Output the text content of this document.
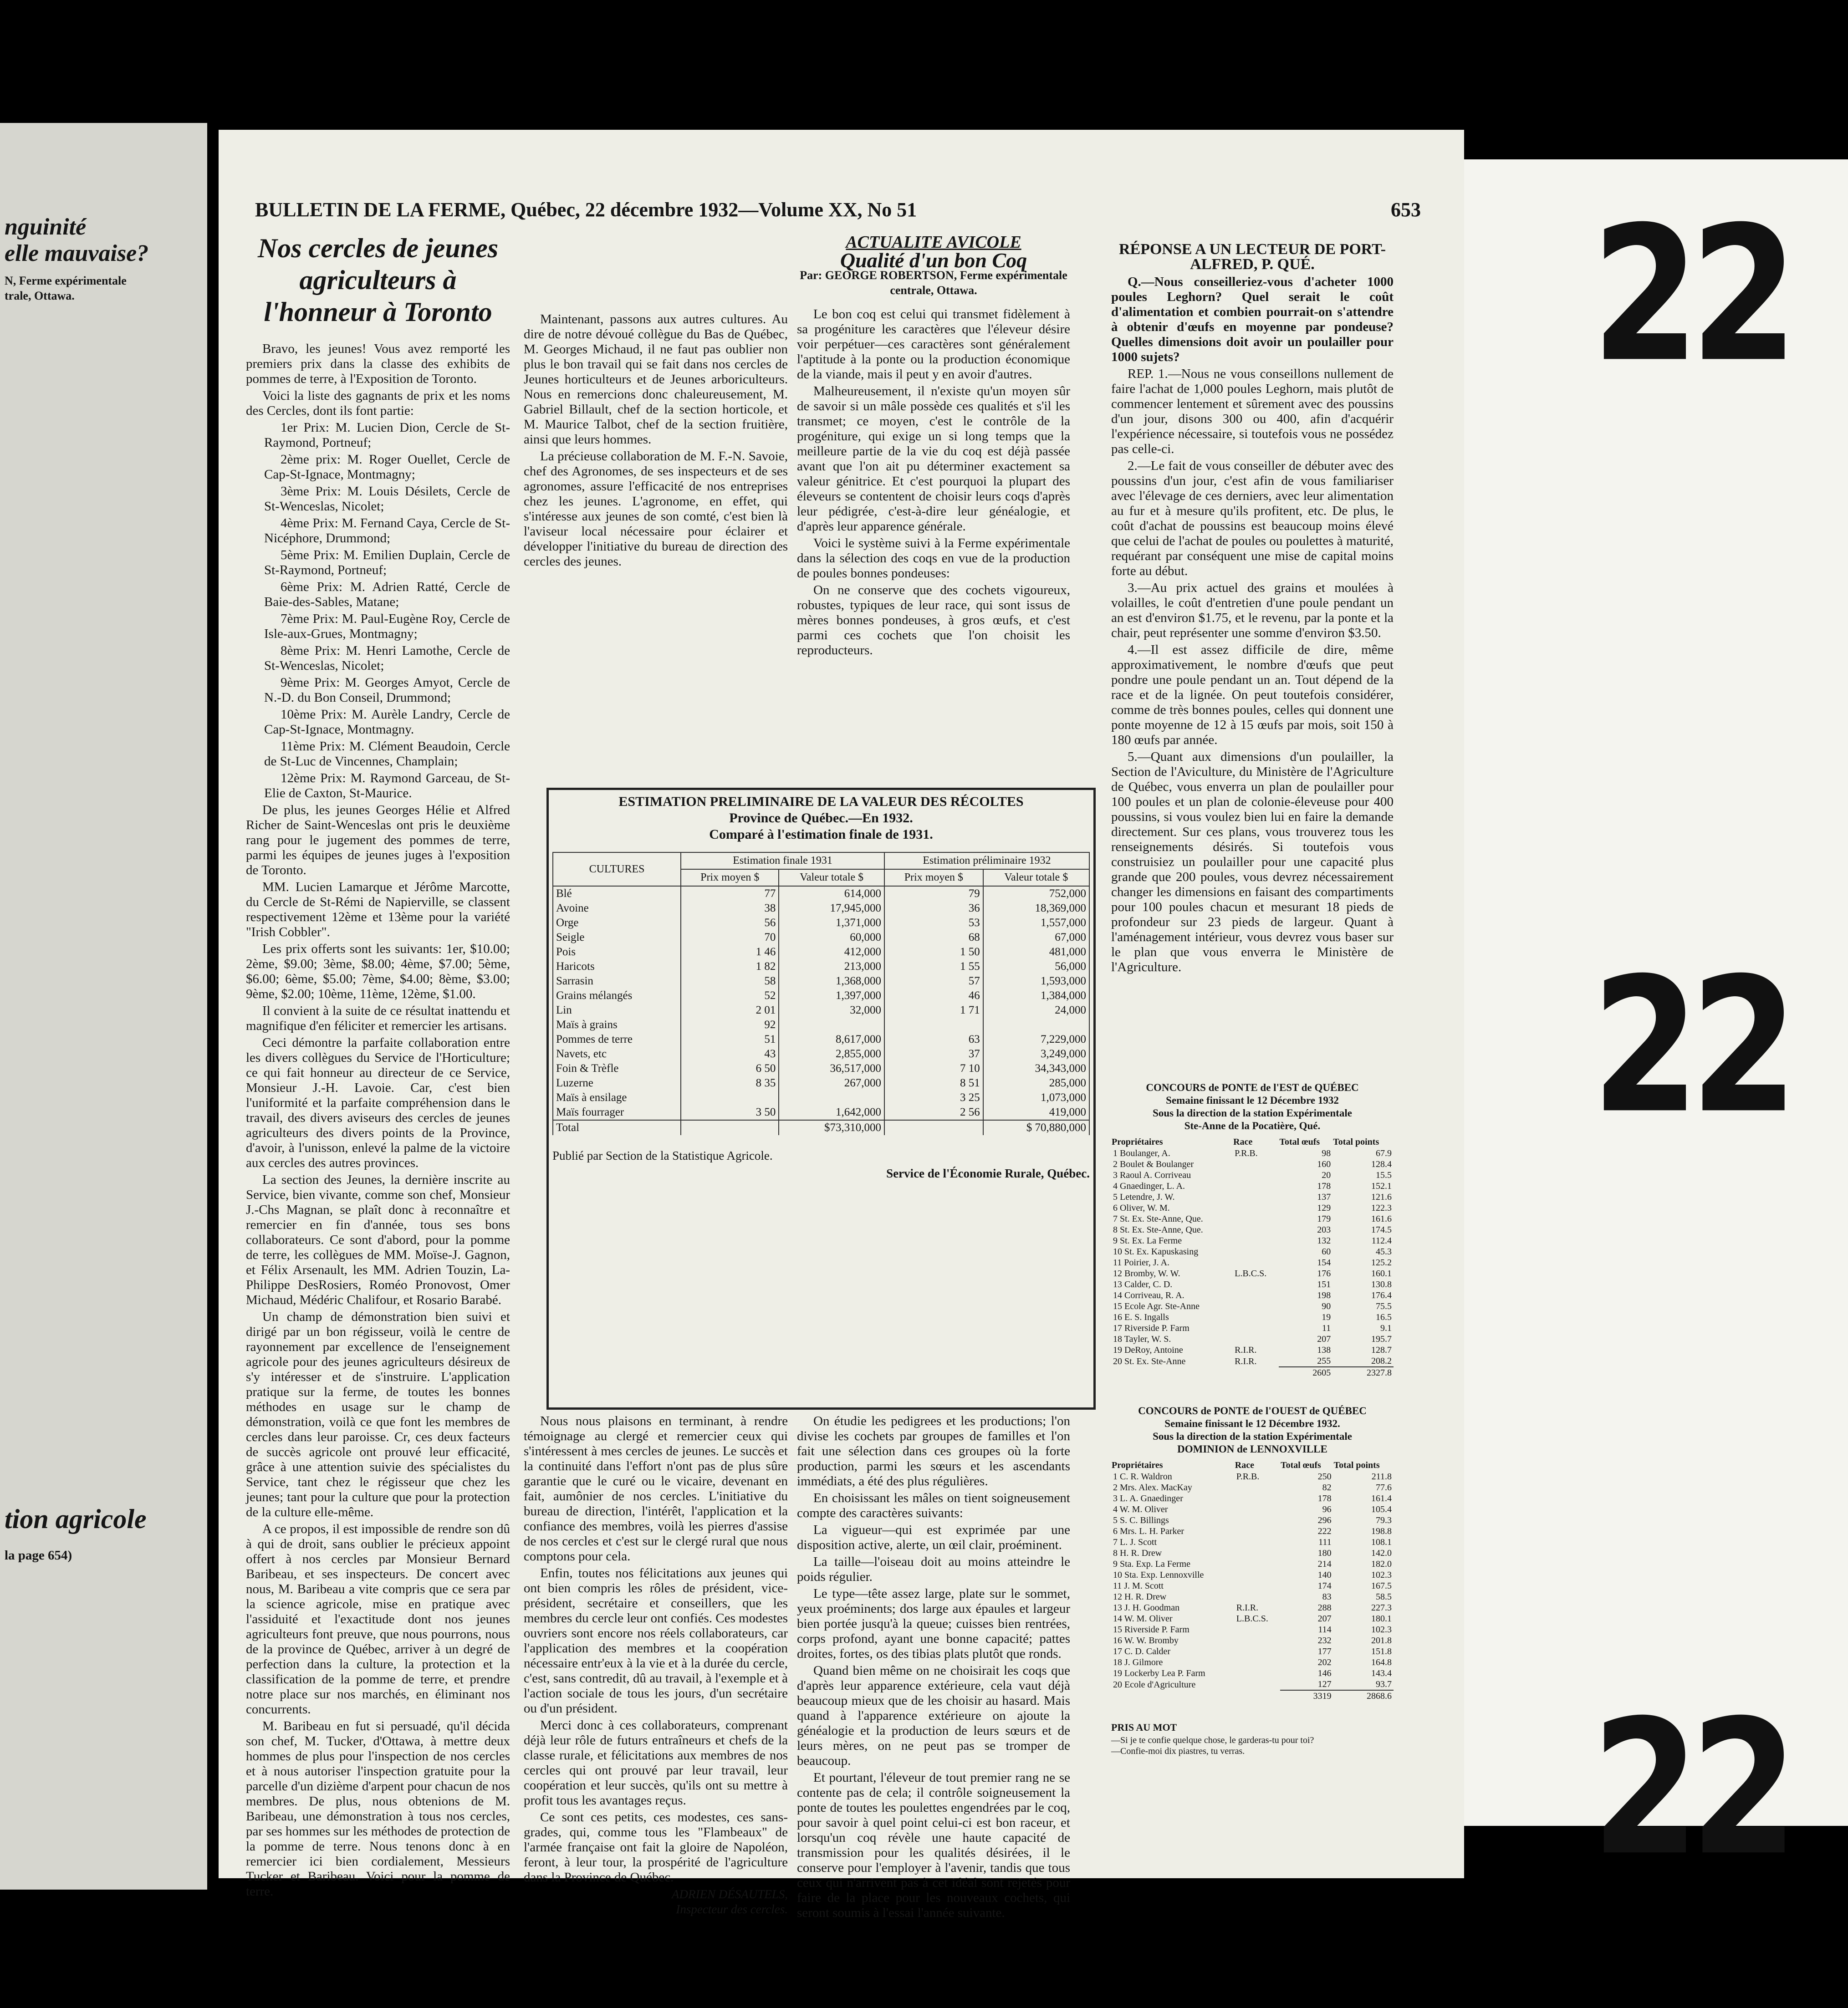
nguinité
elle mauvaise?
N, Ferme expérimentale
trale, Ottawa.
tion agricole
la page 654)
BULLETIN DE LA FERME, Québec, 22 décembre 1932—Volume XX, No 51	653
Nos cercles de jeunes agriculteurs à l'honneur à Toronto

Bravo, les jeunes! Vous avez remporté les premiers prix dans la classe des exhibits de pommes de terre, à l'Exposition de Toronto.

Voici la liste des gagnants de prix et les noms des Cercles, dont ils font partie:

1er Prix: M. Lucien Dion, Cercle de St-Raymond, Portneuf;

2ème prix: M. Roger Ouellet, Cercle de Cap-St-Ignace, Montmagny;

3ème Prix: M. Louis Désilets, Cercle de St-Wenceslas, Nicolet;

4ème Prix: M. Fernand Caya, Cercle de St-Nicéphore, Drummond;

5ème Prix: M. Emilien Duplain, Cercle de St-Raymond, Portneuf;

6ème Prix: M. Adrien Ratté, Cercle de Baie-des-Sables, Matane;

7ème Prix: M. Paul-Eugène Roy, Cercle de Isle-aux-Grues, Montmagny;

8ème Prix: M. Henri Lamothe, Cercle de St-Wenceslas, Nicolet;

9ème Prix: M. Georges Amyot, Cercle de N.-D. du Bon Conseil, Drummond;

10ème Prix: M. Aurèle Landry, Cercle de Cap-St-Ignace, Montmagny.

11ème Prix: M. Clément Beaudoin, Cercle de St-Luc de Vincennes, Champlain;

12ème Prix: M. Raymond Garceau, de St-Elie de Caxton, St-Maurice.

De plus, les jeunes Georges Hélie et Alfred Richer de Saint-Wenceslas ont pris le deuxième rang pour le jugement des pommes de terre, parmi les équipes de jeunes juges à l'exposition de Toronto.

MM. Lucien Lamarque et Jérôme Marcotte, du Cercle de St-Rémi de Napierville, se classent respectivement 12ème et 13ème pour la variété "Irish Cobbler".

Les prix offerts sont les suivants: 1er, $10.00; 2ème, $9.00; 3ème, $8.00; 4ème, $7.00; 5ème, $6.00; 6ème, $5.00; 7ème, $4.00; 8ème, $3.00; 9ème, $2.00; 10ème, 11ème, 12ème, $1.00.

Il convient à la suite de ce résultat inattendu et magnifique d'en féliciter et remercier les artisans.

Ceci démontre la parfaite collaboration entre les divers collègues du Service de l'Horticulture; ce qui fait honneur au directeur de ce Service, Monsieur J.-H. Lavoie. Car, c'est bien l'uniformité et la parfaite compréhension dans le travail, des divers aviseurs des cercles de jeunes agriculteurs des divers points de la Province, d'avoir, à l'unisson, enlevé la palme de la victoire aux cercles des autres provinces.

La section des Jeunes, la dernière inscrite au Service, bien vivante, comme son chef, Monsieur J.-Chs Magnan, se plaît donc à reconnaître et remercier en fin d'année, tous ses bons collaborateurs. Ce sont d'abord, pour la pomme de terre, les collègues de MM. Moïse-J. Gagnon, et Félix Arsenault, les MM. Adrien Touzin, La-Philippe DesRosiers, Roméo Pronovost, Omer Michaud, Médéric Chalifour, et Rosario Barabé.

Un champ de démonstration bien suivi et dirigé par un bon régisseur, voilà le centre de rayonnement par excellence de l'enseignement agricole pour des jeunes agriculteurs désireux de s'y intéresser et de s'instruire. L'application pratique sur la ferme, de toutes les bonnes méthodes en usage sur le champ de démonstration, voilà ce que font les membres de cercles dans leur paroisse. Cr, ces deux facteurs de succès agricole ont prouvé leur efficacité, grâce à une attention suivie des spécialistes du Service, tant chez le régisseur que chez les jeunes; tant pour la culture que pour la protection de la culture elle-même.

A ce propos, il est impossible de rendre son dû à qui de droit, sans oublier le précieux appoint offert à nos cercles par Monsieur Bernard Baribeau, et ses inspecteurs. De concert avec nous, M. Baribeau a vite compris que ce sera par la science agricole, mise en pratique avec l'assiduité et l'exactitude dont nos jeunes agriculteurs font preuve, que nous pourrons, nous de la province de Québec, arriver à un degré de perfection dans la culture, la protection et la classification de la pomme de terre, et prendre notre place sur nos marchés, en éliminant nos concurrents.

M. Baribeau en fut si persuadé, qu'il décida son chef, M. Tucker, d'Ottawa, à mettre deux hommes de plus pour l'inspection de nos cercles et à nous autoriser l'inspection gratuite pour la parcelle d'un dizième d'arpent pour chacun de nos membres. De plus, nous obtenions de M. Baribeau, une démonstration à tous nos cercles, par ses hommes sur les méthodes de protection de la pomme de terre. Nous tenons donc à en remercier ici bien cordialement, Messieurs Tucker et Baribeau. Voici pour la pomme de terre.

Maintenant, passons aux autres cultures. Au dire de notre dévoué collègue du Bas de Québec, M. Georges Michaud, il ne faut pas oublier non plus le bon travail qui se fait dans nos cercles de Jeunes horticulteurs et de Jeunes arboriculteurs. Nous en remercions donc chaleureusement, M. Gabriel Billault, chef de la section horticole, et M. Maurice Talbot, chef de la section fruitière, ainsi que leurs hommes.

La précieuse collaboration de M. F.-N. Savoie, chef des Agronomes, de ses inspecteurs et de ses agronomes, assure l'efficacité de nos entreprises chez les jeunes. L'agronome, en effet, qui s'intéresse aux jeunes de son comté, c'est bien là l'aviseur local nécessaire pour éclairer et développer l'initiative du bureau de direction des cercles des jeunes.

Nous nous plaisons en terminant, à rendre témoignage au clergé et remercier ceux qui s'intéressent à mes cercles de jeunes. Le succès et la continuité dans l'effort n'ont pas de plus sûre garantie que le curé ou le vicaire, devenant en fait, aumônier de nos cercles. L'initiative du bureau de direction, l'intérêt, l'application et la confiance des membres, voilà les pierres d'assise de nos cercles et c'est sur le clergé rural que nous comptons pour cela.

Enfin, toutes nos félicitations aux jeunes qui ont bien compris les rôles de président, vice-président, secrétaire et conseillers, que les membres du cercle leur ont confiés. Ces modestes ouvriers sont encore nos réels collaborateurs, car l'application des membres et la coopération nécessaire entr'eux à la vie et à la durée du cercle, c'est, sans contredit, dû au travail, à l'exemple et à l'action sociale de tous les jours, d'un secrétaire ou d'un président.

Merci donc à ces collaborateurs, comprenant déjà leur rôle de futurs entraîneurs et chefs de la classe rurale, et félicitations aux membres de nos cercles qui ont prouvé par leur travail, leur coopération et leur succès, qu'ils ont su mettre à profit tous les avantages reçus.

Ce sont ces petits, ces modestes, ces sans-grades, qui, comme tous les "Flambeaux" de l'armée française ont fait la gloire de Napoléon, feront, à leur tour, la prospérité de l'agriculture dans la Province de Québec.

ADRIEN DÉSAUTELS,
Inspecteur des cercles.
ACTUALITE AVICOLE
Qualité d'un bon Coq
Par: GEORGE ROBERTSON, Ferme expérimentale centrale, Ottawa.

Le bon coq est celui qui transmet fidèlement à sa progéniture les caractères que l'éleveur désire voir perpétuer—ces caractères sont généralement l'aptitude à la ponte ou la production économique de la viande, mais il peut y en avoir d'autres.

Malheureusement, il n'existe qu'un moyen sûr de savoir si un mâle possède ces qualités et s'il les transmet; ce moyen, c'est le contrôle de la progéniture, qui exige un si long temps que la meilleure partie de la vie du coq est déjà passée avant que l'on ait pu déterminer exactement sa valeur génitrice. Et c'est pourquoi la plupart des éleveurs se contentent de choisir leurs coqs d'après leur pédigrée, c'est-à-dire leur généalogie, et d'après leur apparence générale.

Voici le système suivi à la Ferme expérimentale dans la sélection des coqs en vue de la production de poules bonnes pondeuses:

On ne conserve que des cochets vigoureux, robustes, typiques de leur race, qui sont issus de mères bonnes pondeuses, à gros œufs, et c'est parmi ces cochets que l'on choisit les reproducteurs.

On étudie les pedigrees et les productions; l'on divise les cochets par groupes de familles et l'on fait une sélection dans ces groupes où la forte production, parmi les sœurs et les ascendants immédiats, a été des plus régulières.

En choisissant les mâles on tient soigneusement compte des caractères suivants:

La vigueur—qui est exprimée par une disposition active, alerte, un œil clair, proéminent.

La taille—l'oiseau doit au moins atteindre le poids régulier.

Le type—tête assez large, plate sur le sommet, yeux proéminents; dos large aux épaules et largeur bien portée jusqu'à la queue; cuisses bien rentrées, corps profond, ayant une bonne capacité; pattes droites, fortes, os des tibias plats plutôt que ronds.

Quand bien même on ne choisirait les coqs que d'après leur apparence extérieure, cela vaut déjà beaucoup mieux que de les choisir au hasard. Mais quand à l'apparence extérieure on ajoute la généalogie et la production de leurs sœurs et de leurs mères, on ne peut pas se tromper de beaucoup.

Et pourtant, l'éleveur de tout premier rang ne se contente pas de cela; il contrôle soigneusement la ponte de toutes les poulettes engendrées par le coq, pour savoir à quel point celui-ci est bon raceur, et lorsqu'un coq révèle une haute capacité de transmission pour les qualités désirées, il le conserve pour l'employer à l'avenir, tandis que tous ceux qui n'arrivent pas à cet idéal sont rejetés pour faire de la place pour les nouveaux cochets, qui seront soumis à l'essai l'année suivante.

ESTIMATION PRELIMINAIRE DE LA VALEUR DES RÉCOLTES
Province de Québec.—En 1932.
Comparé à l'estimation finale de 1931.
CULTURES	Estimation finale 1931		Estimation préliminaire 1932	
	Prix moyen $	Valeur totale $	Prix moyen $	Valeur totale $
Blé	77	614,000	79	752,000
Avoine	38	17,945,000	36	18,369,000
Orge	56	1,371,000	53	1,557,000
Seigle	70	60,000	68	67,000
Pois	1 46	412,000	1 50	481,000
Haricots	1 82	213,000	1 55	56,000
Sarrasin	58	1,368,000	57	1,593,000
Grains mélangés	52	1,397,000	46	1,384,000
Lin	2 01	32,000	1 71	24,000
Maïs à grains	92			
Pommes de terre	51	8,617,000	63	7,229,000
Navets, etc	43	2,855,000	37	3,249,000
Foin & Trèfle	6 50	36,517,000	7 10	34,343,000
Luzerne	8 35	267,000	8 51	285,000
Maïs à ensilage			3 25	1,073,000
Maïs fourrager	3 50	1,642,000	2 56	419,000
Total		$73,310,000		$ 70,880,000
Publié par Section de la Statistique Agricole.
Service de l'Économie Rurale, Québec.
RÉPONSE A UN LECTEUR DE PORT-ALFRED, P. QUÉ.

Q.—Nous conseilleriez-vous d'acheter 1000 poules Leghorn? Quel serait le coût d'alimentation et combien pourrait-on s'attendre à obtenir d'œufs en moyenne par pondeuse? Quelles dimensions doit avoir un poulailler pour 1000 sujets?

REP. 1.—Nous ne vous conseillons nullement de faire l'achat de 1,000 poules Leghorn, mais plutôt de commencer lentement et sûrement avec des poussins d'un jour, disons 300 ou 400, afin d'acquérir l'expérience nécessaire, si toutefois vous ne possédez pas celle-ci.

2.—Le fait de vous conseiller de débuter avec des poussins d'un jour, c'est afin de vous familiariser avec l'élevage de ces derniers, avec leur alimentation au fur et à mesure qu'ils profitent, etc. De plus, le coût d'achat de poussins est beaucoup moins élevé que celui de l'achat de poules ou poulettes à maturité, requérant par conséquent une mise de capital moins forte au début.

3.—Au prix actuel des grains et moulées à volailles, le coût d'entretien d'une poule pendant un an est d'environ $1.75, et le revenu, par la ponte et la chair, peut représenter une somme d'environ $3.50.

4.—Il est assez difficile de dire, même approximativement, le nombre d'œufs que peut pondre une poule pendant un an. Tout dépend de la race et de la lignée. On peut toutefois considérer, comme de très bonnes poules, celles qui donnent une ponte moyenne de 12 à 15 œufs par mois, soit 150 à 180 œufs par année.

5.—Quant aux dimensions d'un poulailler, la Section de l'Aviculture, du Ministère de l'Agriculture de Québec, vous enverra un plan de poulailler pour 100 poules et un plan de colonie-éleveuse pour 400 poussins, si vous voulez bien lui en faire la demande directement. Sur ces plans, vous trouverez tous les renseignements désirés. Si toutefois vous construisiez un poulailler pour une capacité plus grande que 200 poules, vous devrez nécessairement changer les dimensions en faisant des compartiments pour 100 poules chacun et mesurant 18 pieds de profondeur sur 23 pieds de largeur. Quant à l'aménagement intérieur, vous devrez vous baser sur le plan que vous enverra le Ministère de l'Agriculture.

CONCOURS de PONTE de l'EST de QUÉBEC
Semaine finissant le 12 Décembre 1932
Sous la direction de la station Expérimentale
Ste-Anne de la Pocatière, Qué.
Propriétaires	Race	Total œufs	Total points
1 Boulanger, A.	P.R.B.	98	67.9
2 Boulet & Boulanger		160	128.4
3 Raoul A. Corriveau		20	15.5
4 Gnaedinger, L. A.		178	152.1
5 Letendre, J. W.		137	121.6
6 Oliver, W. M.		129	122.3
7 St. Ex. Ste-Anne, Que.		179	161.6
8 St. Ex. Ste-Anne, Que.		203	174.5
9 St. Ex. La Ferme		132	112.4
10 St. Ex. Kapuskasing		60	45.3
11 Poirier, J. A.		154	125.2
12 Bromby, W. W.	L.B.C.S.	176	160.1
13 Calder, C. D.		151	130.8
14 Corriveau, R. A.		198	176.4
15 Ecole Agr. Ste-Anne		90	75.5
16 E. S. Ingalls		19	16.5
17 Riverside P. Farm		11	9.1
18 Tayler, W. S.		207	195.7
19 DeRoy, Antoine	R.I.R.	138	128.7
20 St. Ex. Ste-Anne	R.I.R.	255	208.2
		2605	2327.8
CONCOURS de PONTE de l'OUEST de QUÉBEC
Semaine finissant le 12 Décembre 1932.
Sous la direction de la station Expérimentale
DOMINION de LENNOXVILLE
Propriétaires	Race	Total œufs	Total points
1 C. R. Waldron	P.R.B.	250	211.8
2 Mrs. Alex. MacKay		82	77.6
3 L. A. Gnaedinger		178	161.4
4 W. M. Oliver		96	105.4
5 S. C. Billings		296	79.3
6 Mrs. L. H. Parker		222	198.8
7 L. J. Scott		111	108.1
8 H. R. Drew		180	142.0
9 Sta. Exp. La Ferme		214	182.0
10 Sta. Exp. Lennoxville		140	102.3
11 J. M. Scott		174	167.5
12 H. R. Drew		83	58.5
13 J. H. Goodman	R.I.R.	288	227.3
14 W. M. Oliver	L.B.C.S.	207	180.1
15 Riverside P. Farm		114	102.3
16 W. W. Bromby		232	201.8
17 C. D. Calder		177	151.8
18 J. Gilmore		202	164.8
19 Lockerby Lea P. Farm		146	143.4
20 Ecole d'Agriculture		127	93.7
		3319	2868.6
PRIS AU MOT
—Si je te confie quelque chose, le garderas-tu pour toi?
—Confie-moi dix piastres, tu verras.
22
22
22
